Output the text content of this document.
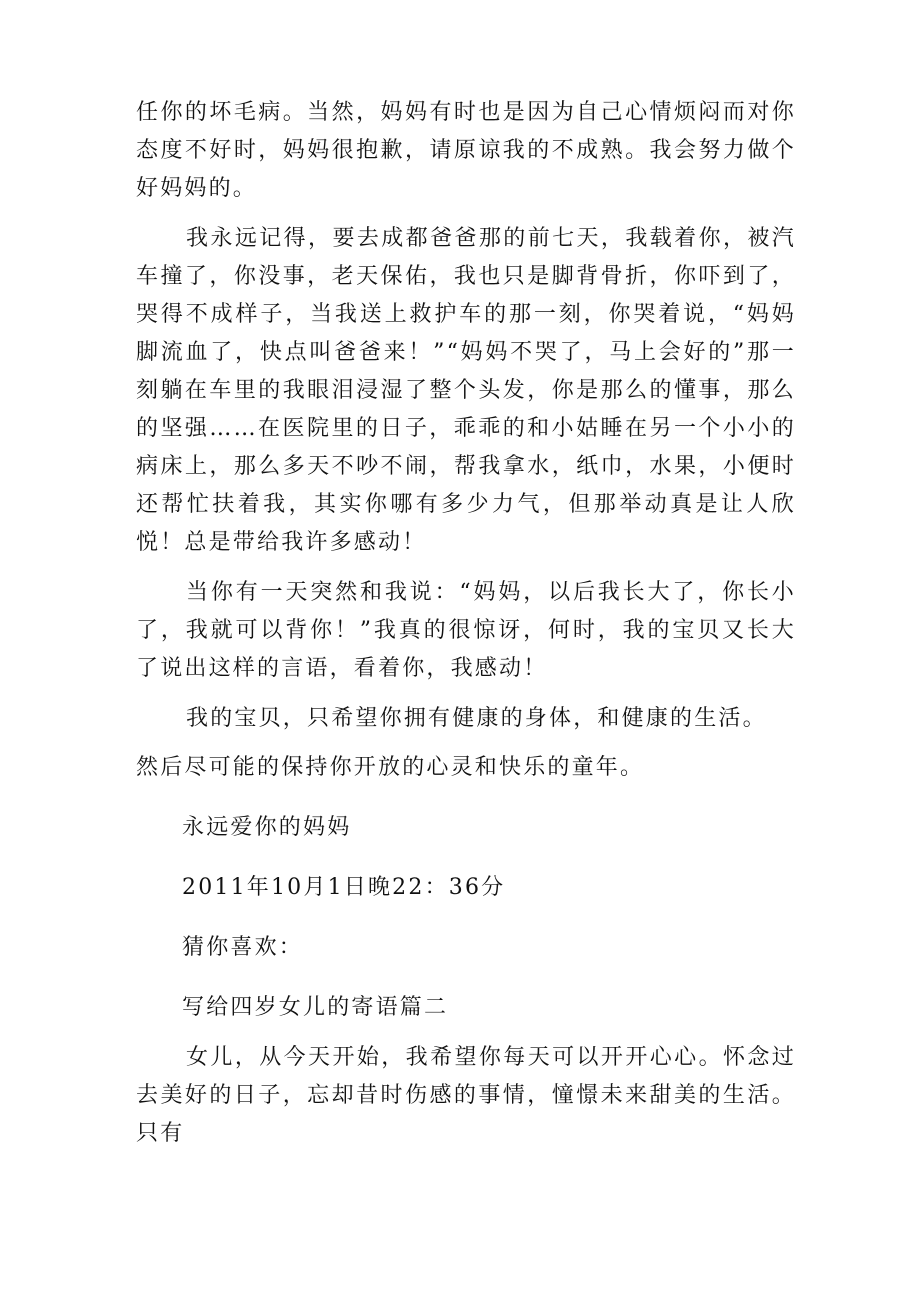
任你的坏毛病。当然，妈妈有时也是因为自己心情烦闷而对你态度不好时，妈妈很抱歉，请原谅我的不成熟。我会努力做个好妈妈的。

我永远记得，要去成都爸爸那的前七天，我载着你，被汽车撞了，你没事，老天保佑，我也只是脚背骨折，你吓到了，哭得不成样子，当我送上救护车的那一刻，你哭着说，“妈妈脚流血了，快点叫爸爸来！”“妈妈不哭了，马上会好的”那一刻躺在车里的我眼泪浸湿了整个头发，你是那么的懂事，那么的坚强……在医院里的日子，乖乖的和小姑睡在另一个小小的病床上，那么多天不吵不闹，帮我拿水，纸巾，水果，小便时还帮忙扶着我，其实你哪有多少力气，但那举动真是让人欣悦！总是带给我许多感动！

当你有一天突然和我说：“妈妈，以后我长大了，你长小了，我就可以背你！”我真的很惊讶，何时，我的宝贝又长大了说出这样的言语，看着你，我感动！

我的宝贝，只希望你拥有健康的身体，和健康的生活。

然后尽可能的保持你开放的心灵和快乐的童年。

永远爱你的妈妈

2011年10月1日晚22：36分

猜你喜欢：

写给四岁女儿的寄语篇二

女儿，从今天开始，我希望你每天可以开开心心。怀念过去美好的日子，忘却昔时伤感的事情，憧憬未来甜美的生活。只有
